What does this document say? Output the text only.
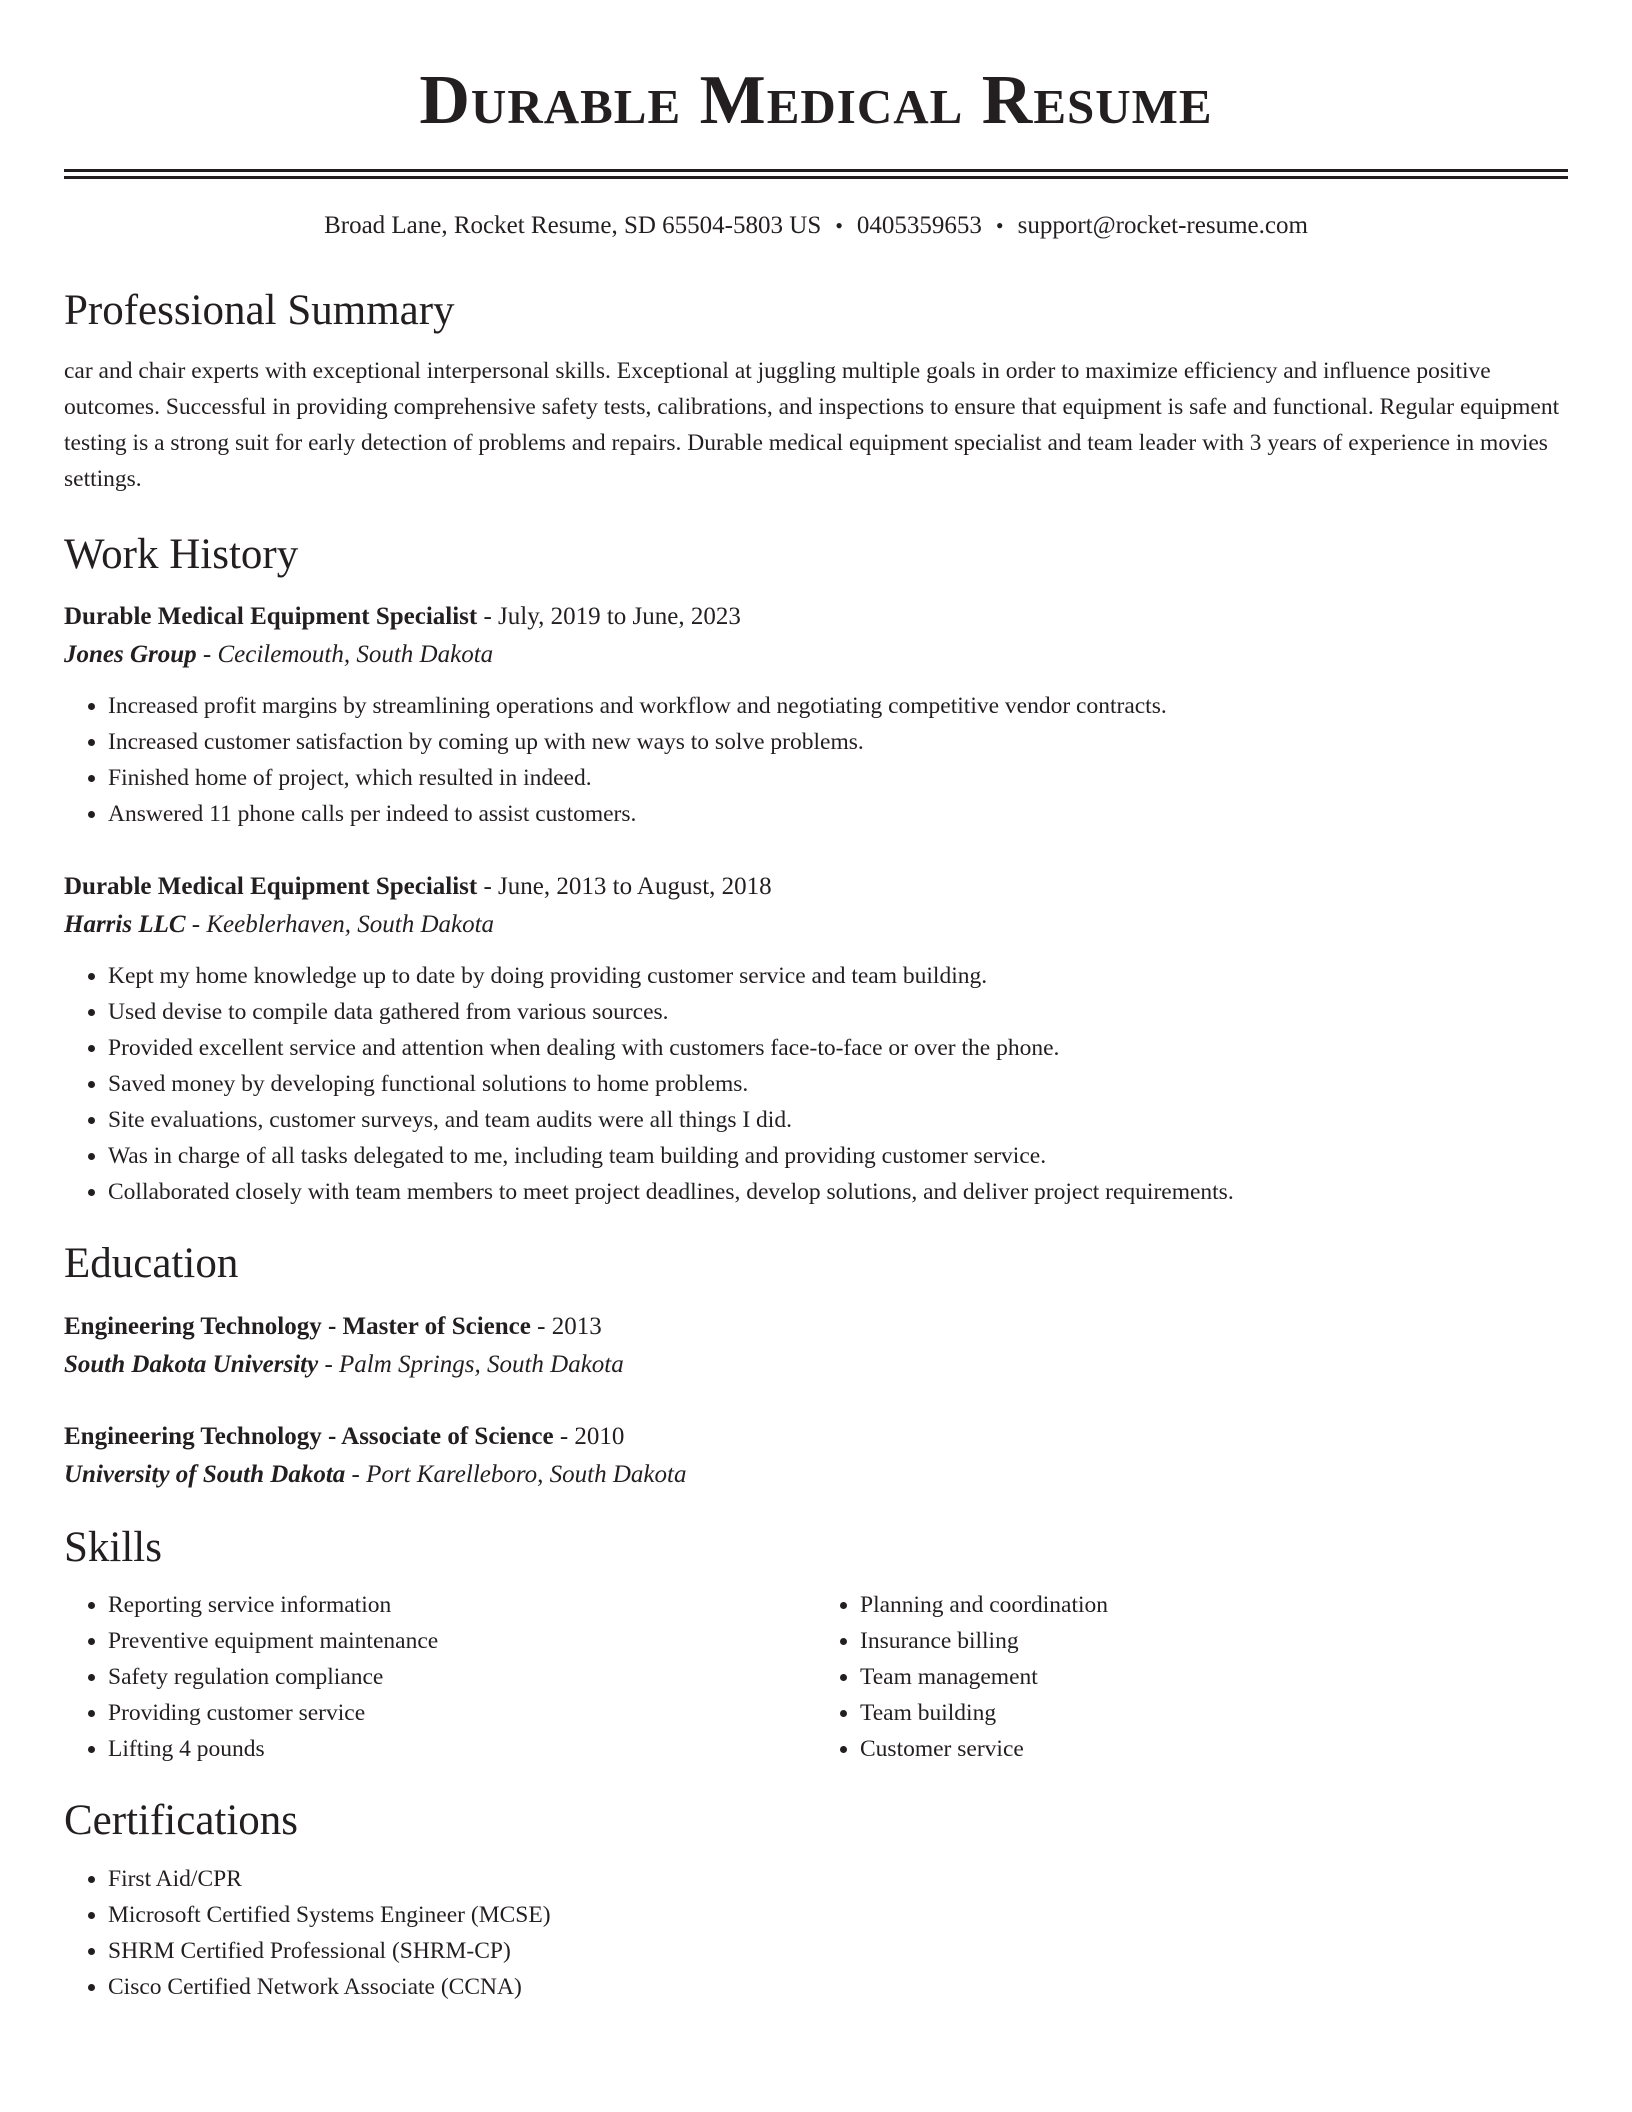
Durable Medical Resume
Broad Lane, Rocket Resume, SD 65504-5803 US • 0405359653 • support@rocket-resume.com
Professional Summary
car and chair experts with exceptional interpersonal skills. Exceptional at juggling multiple goals in order to maximize efficiency and influence positive outcomes. Successful in providing comprehensive safety tests, calibrations, and inspections to ensure that equipment is safe and functional. Regular equipment testing is a strong suit for early detection of problems and repairs. Durable medical equipment specialist and team leader with 3 years of experience in movies settings.
Work History
Durable Medical Equipment Specialist - July, 2019 to June, 2023
Jones Group - Cecilemouth, South Dakota
• Increased profit margins by streamlining operations and workflow and negotiating competitive vendor contracts.
• Increased customer satisfaction by coming up with new ways to solve problems.
• Finished home of project, which resulted in indeed.
• Answered 11 phone calls per indeed to assist customers.
Durable Medical Equipment Specialist - June, 2013 to August, 2018
Harris LLC - Keeblerhaven, South Dakota
• Kept my home knowledge up to date by doing providing customer service and team building.
• Used devise to compile data gathered from various sources.
• Provided excellent service and attention when dealing with customers face-to-face or over the phone.
• Saved money by developing functional solutions to home problems.
• Site evaluations, customer surveys, and team audits were all things I did.
• Was in charge of all tasks delegated to me, including team building and providing customer service.
• Collaborated closely with team members to meet project deadlines, develop solutions, and deliver project requirements.
Education
Engineering Technology - Master of Science - 2013
South Dakota University - Palm Springs, South Dakota
Engineering Technology - Associate of Science - 2010
University of South Dakota - Port Karelleboro, South Dakota
Skills
• Reporting service information
• Preventive equipment maintenance
• Safety regulation compliance
• Providing customer service
• Lifting 4 pounds
• Planning and coordination
• Insurance billing
• Team management
• Team building
• Customer service
Certifications
• First Aid/CPR
• Microsoft Certified Systems Engineer (MCSE)
• SHRM Certified Professional (SHRM-CP)
• Cisco Certified Network Associate (CCNA)
